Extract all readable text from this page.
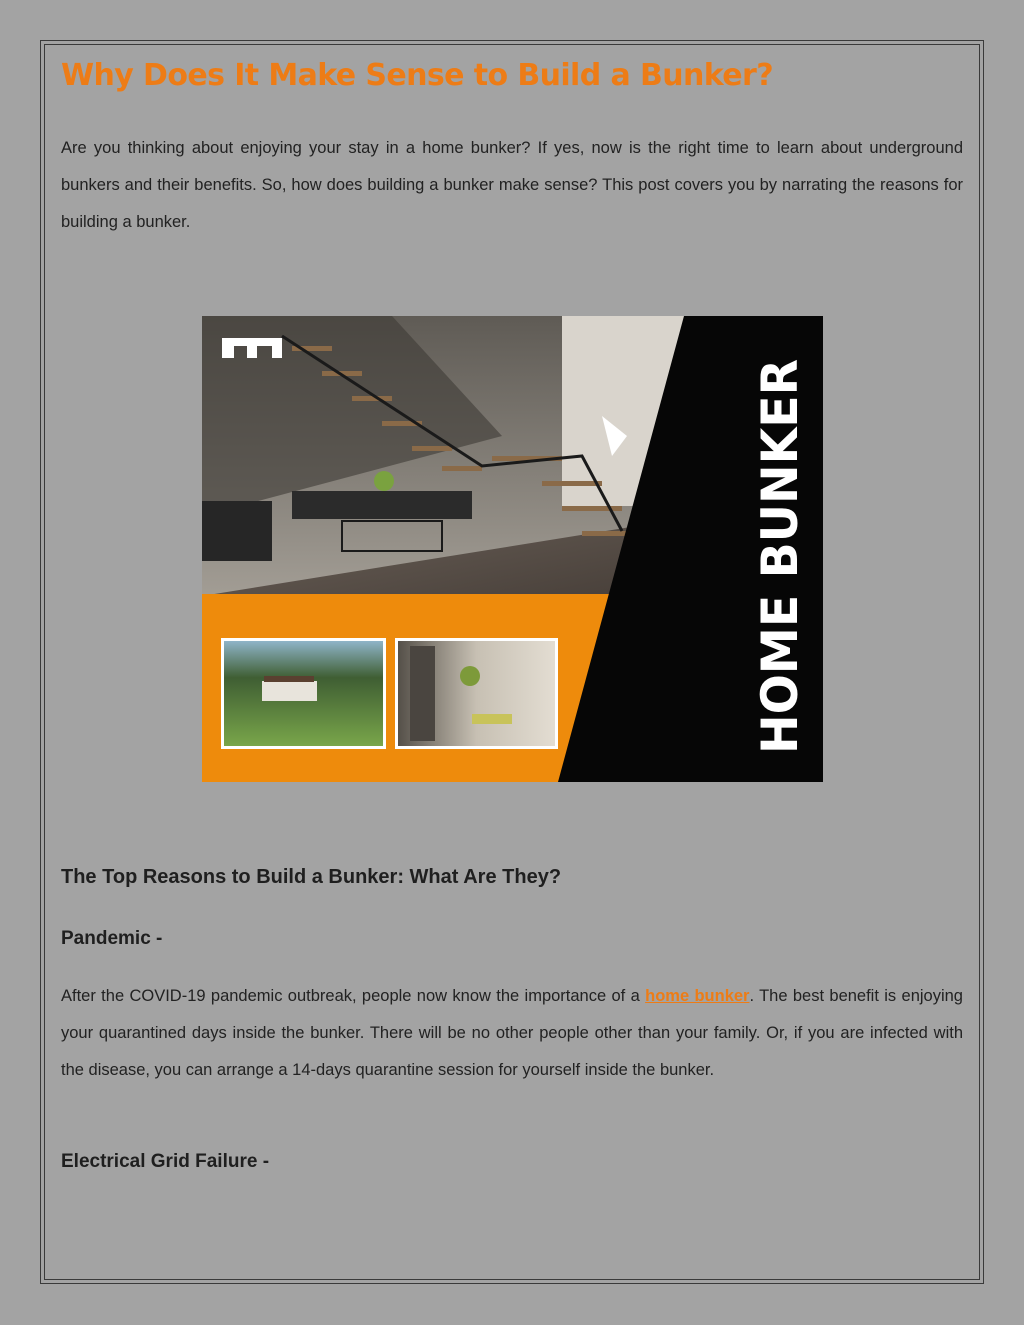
Why Does It Make Sense to Build a Bunker?

Are you thinking about enjoying your stay in a home bunker? If yes, now is the right time to learn about underground bunkers and their benefits. So, how does building a bunker make sense? This post covers you by narrating the reasons for building a bunker.

HOME BUNKER
The Top Reasons to Build a Bunker: What Are They?
Pandemic -

After the COVID-19 pandemic outbreak, people now know the importance of a home bunker. The best benefit is enjoying your quarantined days inside the bunker. There will be no other people other than your family. Or, if you are infected with the disease, you can arrange a 14-days quarantine session for yourself inside the bunker.

Electrical Grid Failure -
